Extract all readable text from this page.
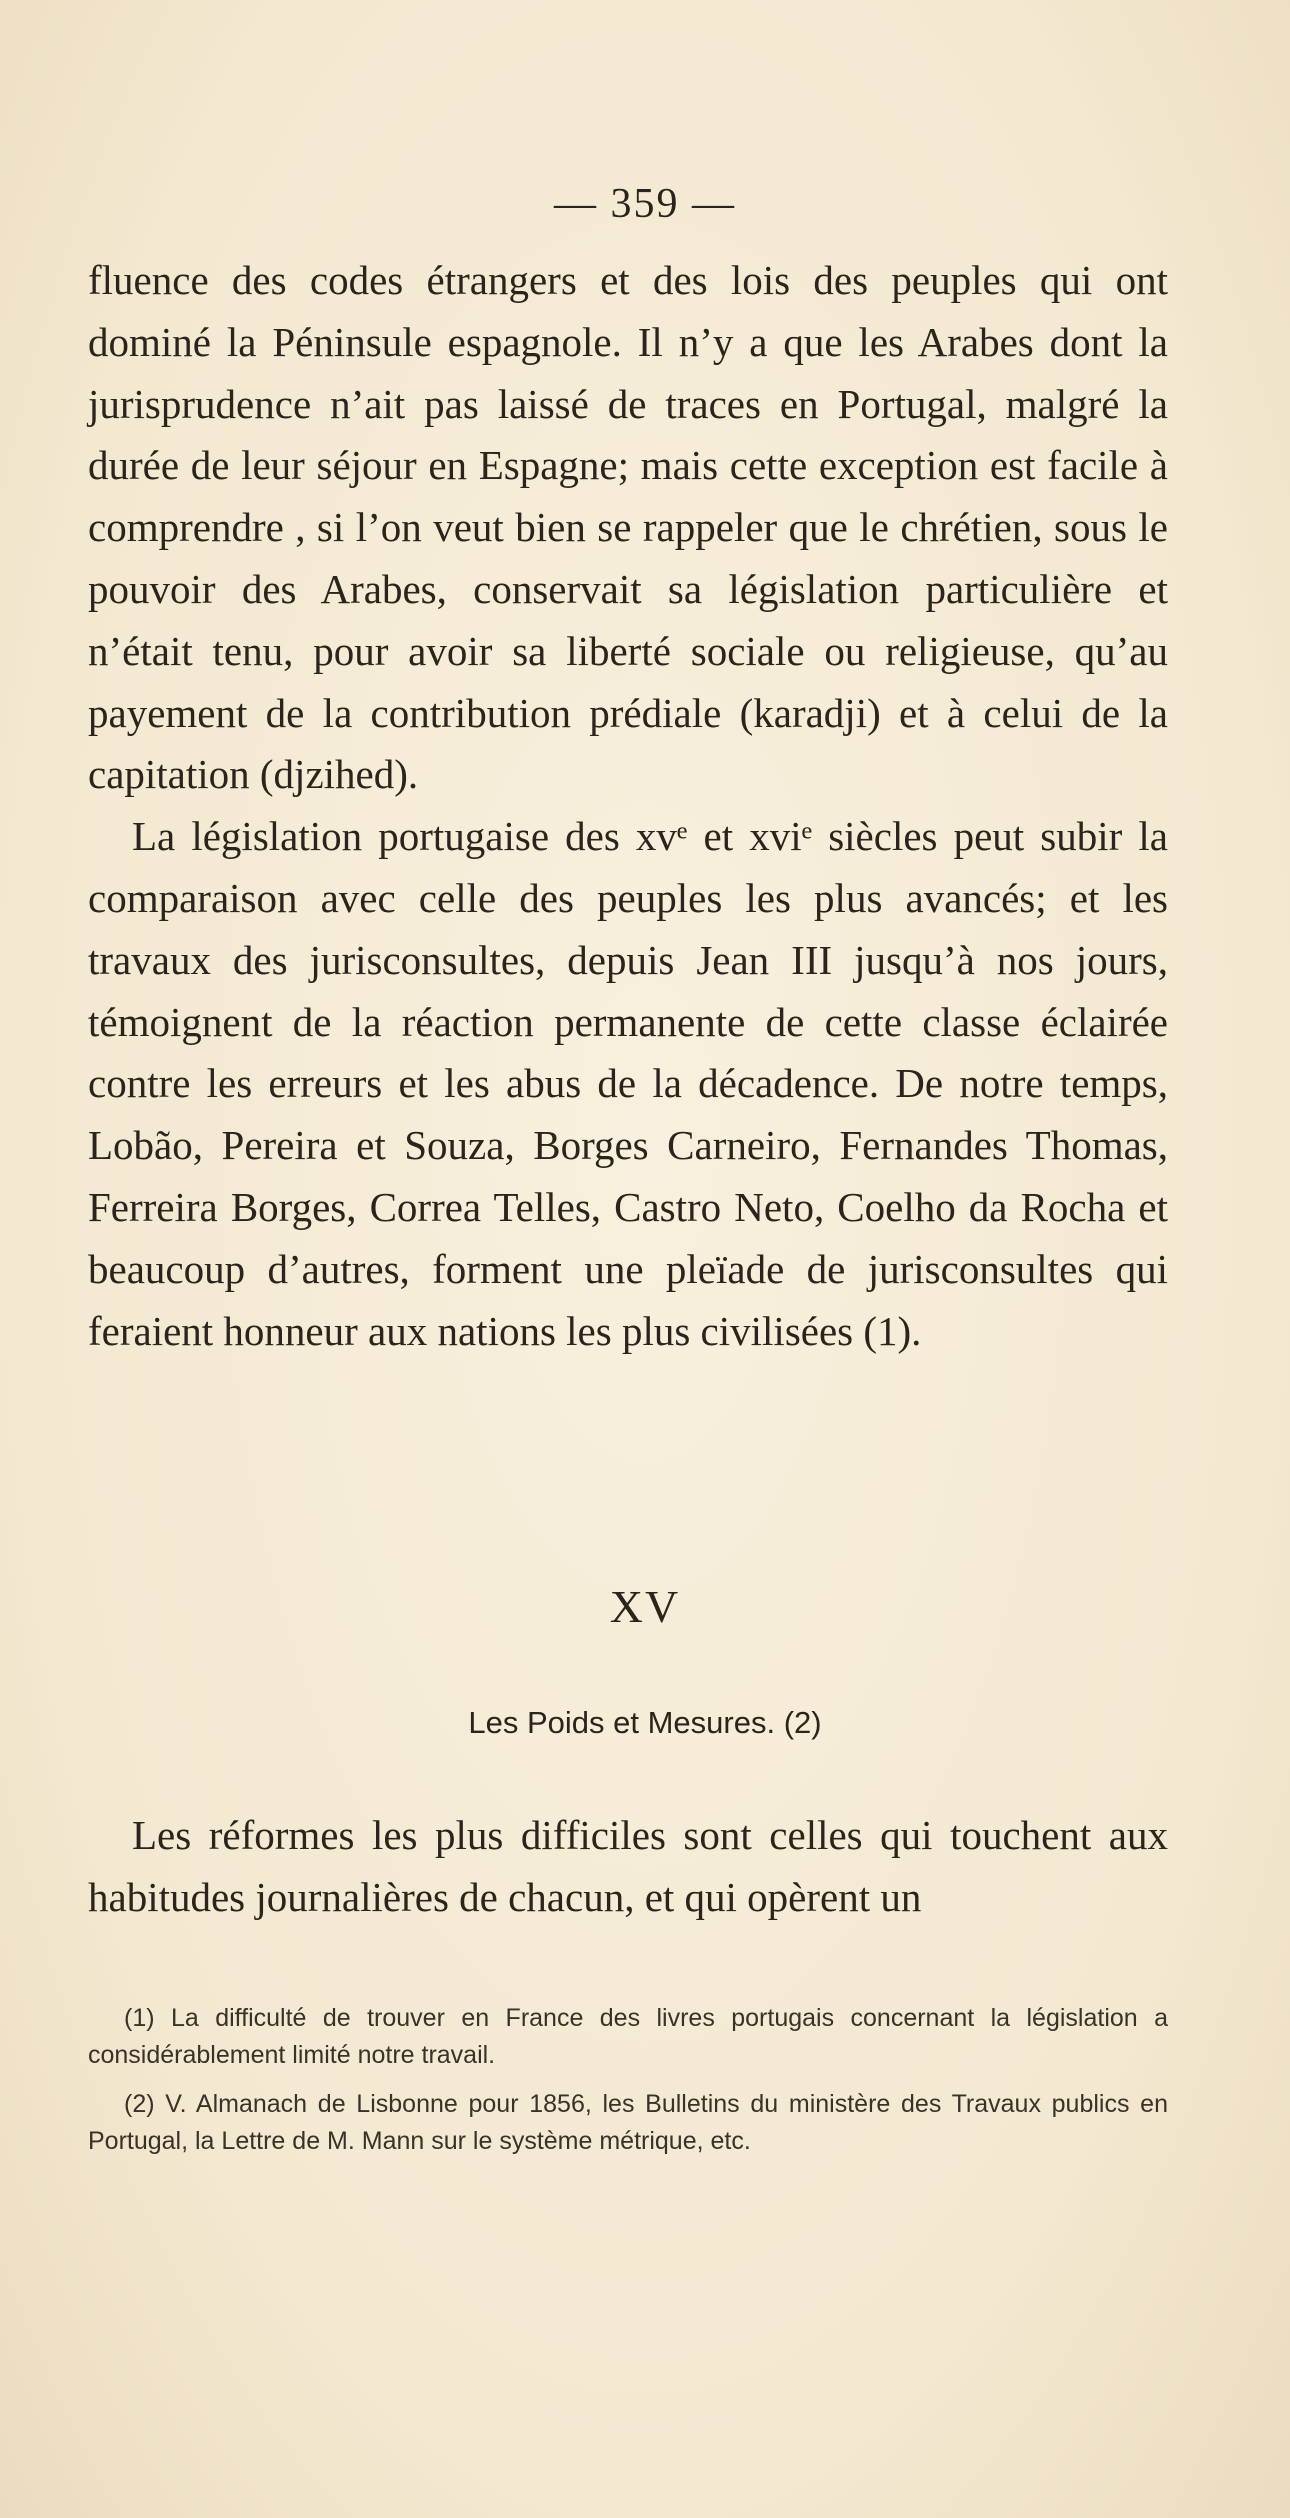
— 359 —

fluence des codes étrangers et des lois des peuples qui ont dominé la Péninsule espagnole. Il n’y a que les Arabes dont la jurisprudence n’ait pas laissé de traces en Portugal, malgré la durée de leur séjour en Espagne; mais cette exception est facile à comprendre , si l’on veut bien se rappeler que le chrétien, sous le pouvoir des Arabes, conservait sa législation particulière et n’était tenu, pour avoir sa liberté sociale ou religieuse, qu’au payement de la contribution prédiale (karadji) et à celui de la capitation (djzihed).

La législation portugaise des xvᵉ et xviᵉ siècles peut subir la comparaison avec celle des peuples les plus avancés; et les travaux des jurisconsultes, depuis Jean III jusqu’à nos jours, témoignent de la réaction permanente de cette classe éclairée contre les erreurs et les abus de la décadence. De notre temps, Lobão, Pereira et Souza, Borges Carneiro, Fernandes Thomas, Ferreira Borges, Correa Telles, Castro Neto, Coelho da Rocha et beaucoup d’autres, forment une pleïade de jurisconsultes qui feraient honneur aux nations les plus civilisées (1).

XV
Les Poids et Mesures. (2)

Les réformes les plus difficiles sont celles qui touchent aux habitudes journalières de chacun, et qui opèrent un

(1) La difficulté de trouver en France des livres portugais concernant la législation a considérablement limité notre travail.

(2) V. Almanach de Lisbonne pour 1856, les Bulletins du ministère des Travaux publics en Portugal, la Lettre de M. Mann sur le système métrique, etc.
